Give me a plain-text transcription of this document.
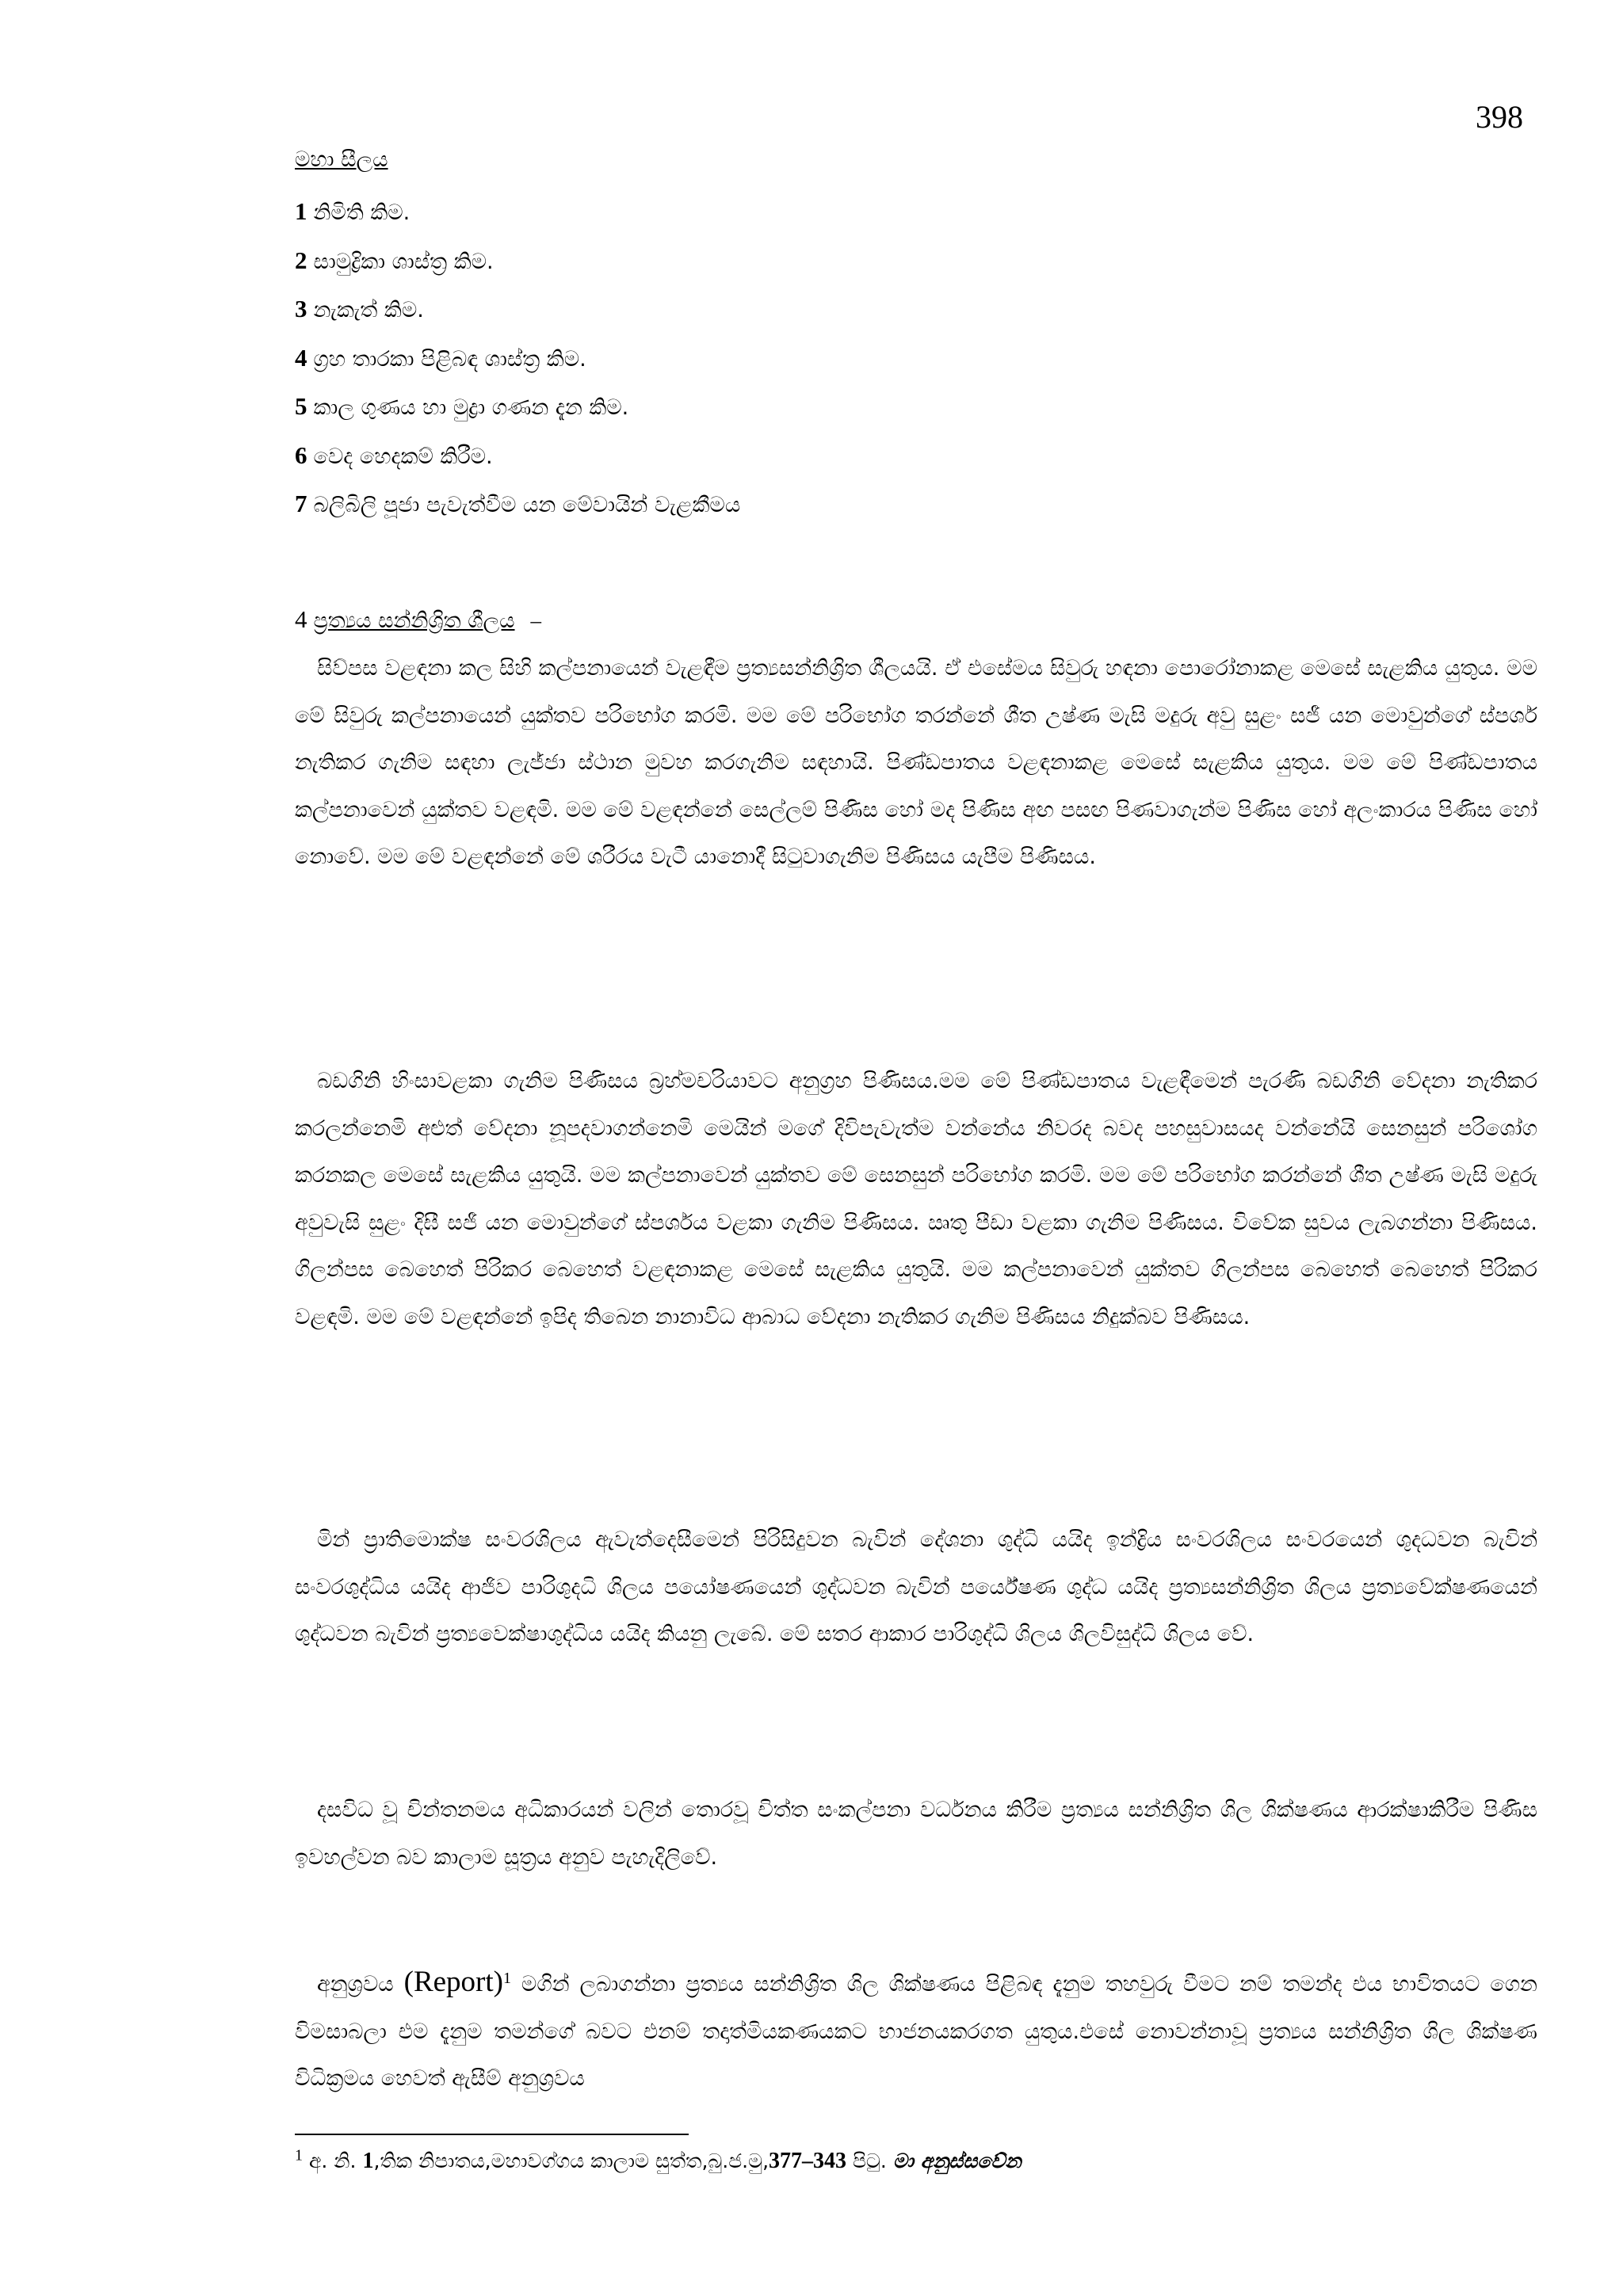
398
මහා සීලය
1 නිමිති කිම.
2 සාමුද්‍රිකා ශාස්ත්‍ර කිම.
3 නැකැත් කිම.
4 ග්‍රහ තාරකා පිළිබඳ ශාස්ත්‍ර කිම.
5 කාල ගුණය හා මුද්‍රා ගණන දැන කිම.
6 වෙද හෙදකම් කිරීම.
7 බලිබිලි පූජා පැවැත්වීම යන මේවායින් වැළකීමය
4 ප්‍රත්‍යය සන්නිශ්‍රිත ශීලය –

සිව්පස වළඳනා කල සිහි කල්පනායෙන් වැළඳීම ප්‍රත්‍යසන්නිශ්‍රිත ශීලයයි. ඒ එසේමය සිවුරු හඳනා පොරෝනාකළ මෙසේ සැළකිය යුතුය. මම මේ සිවුරු කල්පනායෙන් යුක්තව පරිභෝග කරමි. මම මේ පරිභෝග තරන්නේ ශීත උෂ්ණ මැසි මදුරු අවු සුළං සජී යන මොවුන්ගේ ස්පර්ශ නැතිකර ගැනිම සඳහා ලැජ්ජා ස්ථාන මුවහ කරගැනිම සඳහායි. පිණ්ඩපාතය වළඳනාකළ මෙසේ සැළකිය යුතුය. මම මේ පිණ්ඩපාතය කල්පනාවෙන් යුක්තව වළඳමි. මම මේ වළඳන්නේ සෙල්ලම් පිණිස හෝ මද පිණිස අඟ පසඟ පිණවාගැන්ම පිණිස හෝ අලංකාරය පිණිස හෝ නොවේ. මම මේ වළඳන්නේ මේ ශරීරය වැටී යානොදී සිටුවාගැනිම පිණිසය යැපීම පිණිසය.

බඩගිනි හිංසාවළකා ගැනිම පිණිසය බ්‍රහ්මචරියාවට අනුග්‍රහ පිණිසය.මම මේ පිණ්ඩපාතය වැළඳීමෙන් පැරණි බඩගිනි වේදනා නැතිකර කරලන්නෙමි අළුත් වේදනා නූපදවාගන්නෙමි මෙයින් මගේ දිවිපැවැත්ම වන්නේය නිවරද බවද පහසුවාසයද වන්නේයි සෙනසුන් පරිශෝග කරනකල මෙසේ සැළකිය යුතුයි. මම කල්පනාවෙන් යුක්තව මේ සෙනසුන් පරිභෝග කරමි. මම මේ පරිභෝග කරන්නේ ශීත උෂ්ණ මැසි මදුරු අවුවැසි සුළං දිඝී සජී යන මොවුන්ගේ ස්පර්ශය වළකා ගැනිම පිණිසය. ඍතු පීඩා වළකා ගැනිම පිණිසය. විවේක සුවය ලැබගන්නා පිණිසය. ගිලන්පස බෙහෙත් පිරිකර බෙහෙත් වළඳනාකළ මෙසේ සැළකිය යුතුයි. මම කල්පනාවෙන් යුක්තව ගිලන්පස බෙහෙත් බෙහෙත් පිරිකර වළඳමි. මම මේ වළඳන්නේ ඉපිද තිබෙන නානාවිධ ආබාධ වේදනා නැතිකර ගැනිම පිණිසය නිදුක්බව පිණිසය.

මින් ප්‍රාතිමොක්ෂ සංවරශිලය ඇවැත්දෙසීමෙන් පිරිසිදුවන බැවින් දේශනා ශුද්ධි යයිද ඉන්ද්‍රිය සංවරශිලය සංවරයෙන් ශුදධවන බැවින් සංවරශුද්ධිය යයිද ආජිව පාරිශුදධි ශිලය පයෝෂණයෙන් ශුද්ධවන බැවින් පර්යේෂණ ශුද්ධ යයිද ප්‍රත්‍යසන්නිශ්‍රිත ශිලය ප්‍රත්‍යවේක්ෂණයෙන් ශුද්ධවන බැවින් ප්‍රත්‍යවෙක්ෂාශුද්ධිය යයිද කියනු ලැබේ. මේ සතර ආකාර පාරිශුද්ධි ශිලය ශිලවිසුද්ධි ශිලය වේ.

දසවිධ වූ චින්තනමය අධිකාරයන් වලින් තොරවූ චිත්ත සංකල්පනා වර්ධනය කිරීම ප්‍රත්‍යය සන්නිශ්‍රිත ශිල ශික්ෂණය ආරක්ෂාකිරීම පිණිස ඉවහල්වන බව කාලාම සූත්‍රය අනුව පැහැදිලිවේ.

අනුශ්‍රවය (Report)$^1$ මගින් ලබාගන්නා ප්‍රත්‍යය සන්නිශ්‍රිත ශිල ශික්ෂණය පිළිබඳ දැනුම තහවුරු වීමට නම් තමන්ද එය භාවිතයට ගෙන විමසාබලා එම දැනුම තමන්ගේ බවට එනම් තදාත්මියකණයකට භාජනයකරගත යුතුය.එසේ නොවන්නාවූ ප්‍රත්‍යය සන්නිශ්‍රිත ශිල ශික්ෂණ විධික්‍රමය හෙවත් ඇසීම් අනුශ්‍රවය

$^1$ අ. නි. 1,තික නිපාතය,මහාවග්ගය කාලාම සුත්ත,බු.ජ.මු,377–343 පිටු. මා අනුස්සවේන
